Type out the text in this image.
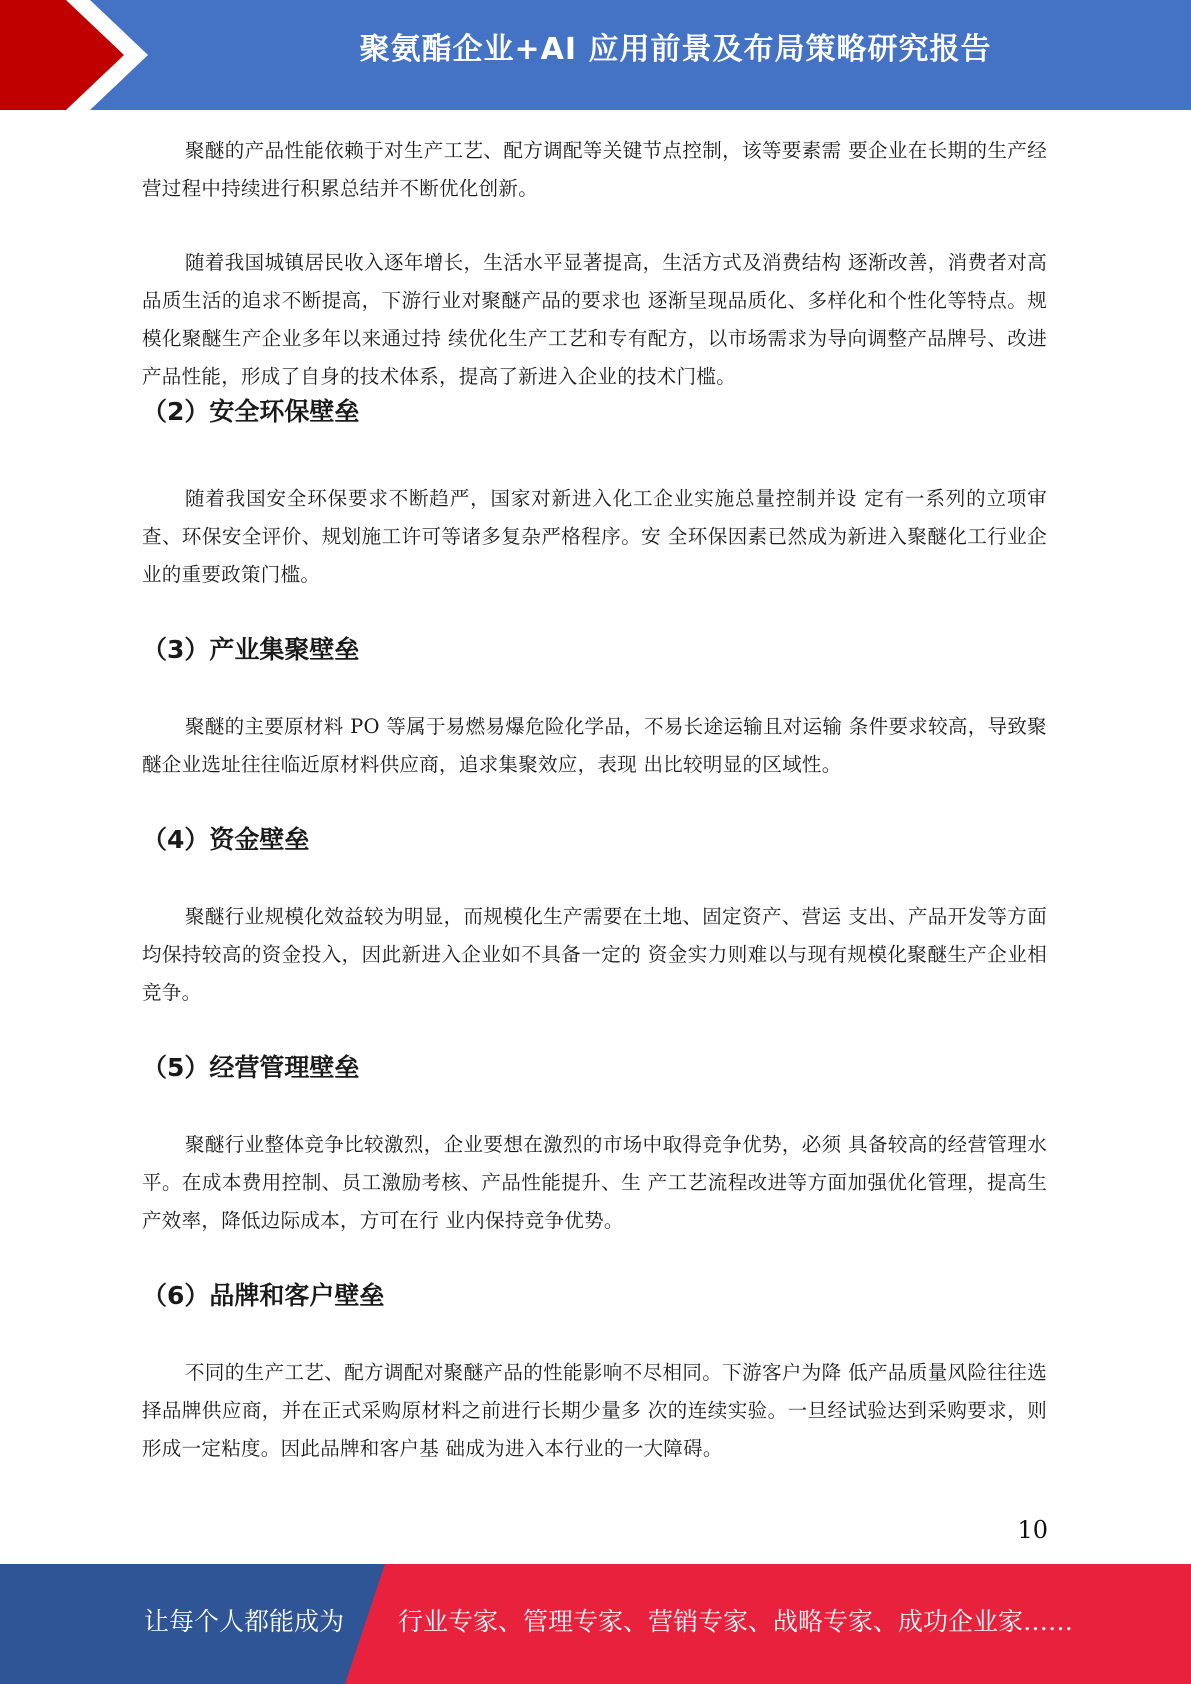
聚氨酯企业+AI 应用前景及布局策略研究报告

聚醚的产品性能依赖于对生产工艺、配方调配等关键节点控制，该等要素需 要企业在长期的生产经营过程中持续进行积累总结并不断优化创新。

随着我国城镇居民收入逐年增长，生活水平显著提高，生活方式及消费结构 逐渐改善，消费者对高品质生活的追求不断提高，下游行业对聚醚产品的要求也 逐渐呈现品质化、多样化和个性化等特点。规模化聚醚生产企业多年以来通过持 续优化生产工艺和专有配方，以市场需求为导向调整产品牌号、改进产品性能，形成了自身的技术体系，提高了新进入企业的技术门槛。

（2）安全环保壁垒

随着我国安全环保要求不断趋严，国家对新进入化工企业实施总量控制并设 定有一系列的立项审查、环保安全评价、规划施工许可等诸多复杂严格程序。安 全环保因素已然成为新进入聚醚化工行业企业的重要政策门槛。

（3）产业集聚壁垒

聚醚的主要原材料 PO 等属于易燃易爆危险化学品，不易长途运输且对运输 条件要求较高，导致聚醚企业选址往往临近原材料供应商，追求集聚效应，表现 出比较明显的区域性。

（4）资金壁垒

聚醚行业规模化效益较为明显，而规模化生产需要在土地、固定资产、营运 支出、产品开发等方面均保持较高的资金投入，因此新进入企业如不具备一定的 资金实力则难以与现有规模化聚醚生产企业相竞争。

（5）经营管理壁垒

聚醚行业整体竞争比较激烈，企业要想在激烈的市场中取得竞争优势，必须 具备较高的经营管理水平。在成本费用控制、员工激励考核、产品性能提升、生 产工艺流程改进等方面加强优化管理，提高生产效率，降低边际成本，方可在行 业内保持竞争优势。

（6）品牌和客户壁垒

不同的生产工艺、配方调配对聚醚产品的性能影响不尽相同。下游客户为降 低产品质量风险往往选择品牌供应商，并在正式采购原材料之前进行长期少量多 次的连续实验。一旦经试验达到采购要求，则形成一定粘度。因此品牌和客户基 础成为进入本行业的一大障碍。

10
让每个人都能成为 行业专家、管理专家、营销专家、战略专家、成功企业家……
